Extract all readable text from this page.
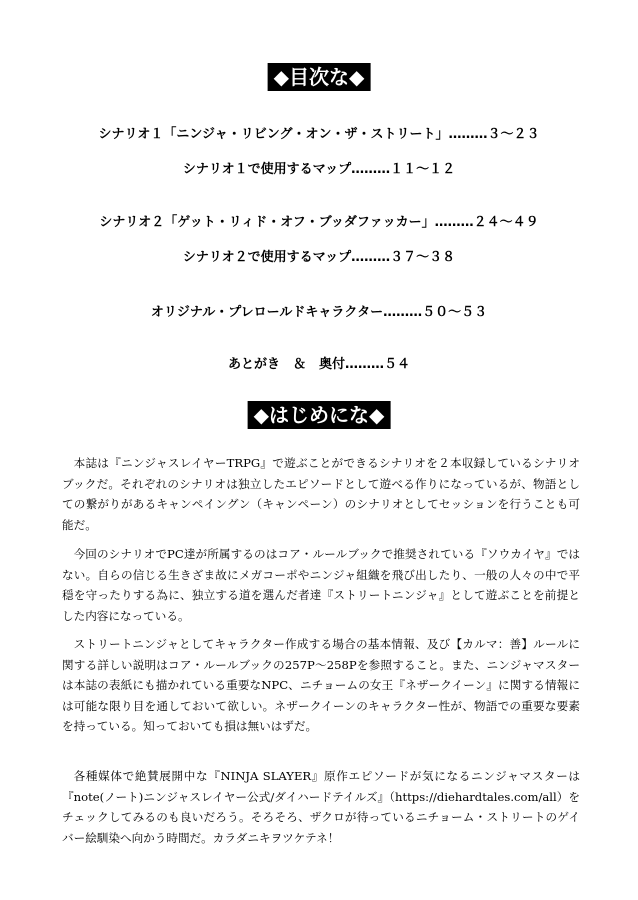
◆目次な◆
シナリオ１「ニンジャ・リビング・オン・ザ・ストリート」………３～２３
シナリオ１で使用するマップ………１１～１２
シナリオ２「ゲット・リィド・オフ・ブッダファッカー」………２４～４９
シナリオ２で使用するマップ………３７～３８
オリジナル・プレロールドキャラクター………５０～５３
あとがき　＆　奥付………５４
◆はじめにな◆

本誌は『ニンジャスレイヤーTRPG』で遊ぶことができるシナリオを２本収録しているシナリオブックだ。それぞれのシナリオは独立したエピソードとして遊べる作りになっているが、物語としての繋がりがあるキャンペイングン（キャンペーン）のシナリオとしてセッションを行うことも可能だ。

今回のシナリオでPC達が所属するのはコア・ルールブックで推奨されている『ソウカイヤ』ではない。自らの信じる生きざま故にメガコーポやニンジャ組織を飛び出したり、一般の人々の中で平穏を守ったりする為に、独立する道を選んだ者達『ストリートニンジャ』として遊ぶことを前提とした内容になっている。

ストリートニンジャとしてキャラクター作成する場合の基本情報、及び【カルマ：善】ルールに関する詳しい説明はコア・ルールブックの257P～258Pを参照すること。また、ニンジャマスターは本誌の表紙にも描かれている重要なNPC、ニチョームの女王『ネザークイーン』に関する情報には可能な限り目を通しておいて欲しい。ネザークイーンのキャラクター性が、物語での重要な要素を持っている。知っておいても損は無いはずだ。

各種媒体で絶賛展開中な『NINJA SLAYER』原作エピソードが気になるニンジャマスターは『note(ノート)ニンジャスレイヤー公式/ダイハードテイルズ』（https://diehardtales.com/all）をチェックしてみるのも良いだろう。そろそろ、ザクロが待っているニチョーム・ストリートのゲイバー絵馴染へ向かう時間だ。カラダニキヲツケテネ！
